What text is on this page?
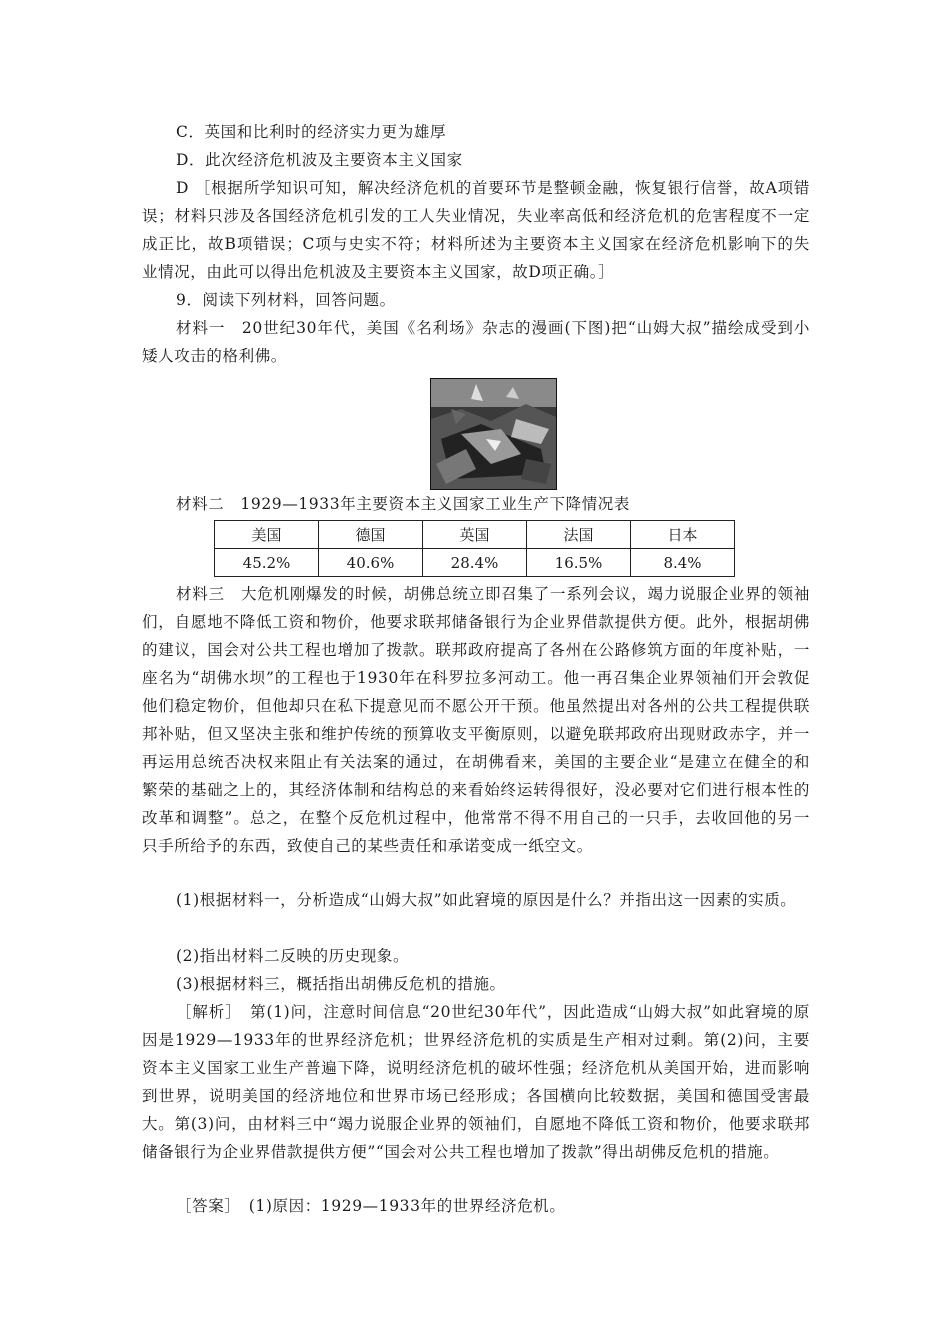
C．英国和比利时的经济实力更为雄厚

D．此次经济危机波及主要资本主义国家

D ［根据所学知识可知，解决经济危机的首要环节是整顿金融，恢复银行信誉，故A项错误；材料只涉及各国经济危机引发的工人失业情况，失业率高低和经济危机的危害程度不一定成正比，故B项错误；C项与史实不符；材料所述为主要资本主义国家在经济危机影响下的失业情况，由此可以得出危机波及主要资本主义国家，故D项正确。］

9．阅读下列材料，回答问题。

材料一　20世纪30年代，美国《名利场》杂志的漫画(下图)把“山姆大叔”描绘成受到小矮人攻击的格利佛。

材料二　1929—1933年主要资本主义国家工业生产下降情况表

美国	德国	英国	法国	日本
45.2%	40.6%	28.4%	16.5%	8.4%

材料三　大危机刚爆发的时候，胡佛总统立即召集了一系列会议，竭力说服企业界的领袖们，自愿地不降低工资和物价，他要求联邦储备银行为企业界借款提供方便。此外，根据胡佛的建议，国会对公共工程也增加了拨款。联邦政府提高了各州在公路修筑方面的年度补贴，一座名为“胡佛水坝”的工程也于1930年在科罗拉多河动工。他一再召集企业界领袖们开会敦促他们稳定物价，但他却只在私下提意见而不愿公开干预。他虽然提出对各州的公共工程提供联邦补贴，但又坚决主张和维护传统的预算收支平衡原则，以避免联邦政府出现财政赤字，并一再运用总统否决权来阻止有关法案的通过，在胡佛看来，美国的主要企业“是建立在健全的和繁荣的基础之上的，其经济体制和结构总的来看始终运转得很好，没必要对它们进行根本性的改革和调整”。总之，在整个反危机过程中，他常常不得不用自己的一只手，去收回他的另一只手所给予的东西，致使自己的某些责任和承诺变成一纸空文。

(1)根据材料一，分析造成“山姆大叔”如此窘境的原因是什么？并指出这一因素的实质。

(2)指出材料二反映的历史现象。

(3)根据材料三，概括指出胡佛反危机的措施。

［解析］　第(1)问，注意时间信息“20世纪30年代”，因此造成“山姆大叔”如此窘境的原因是1929—1933年的世界经济危机；世界经济危机的实质是生产相对过剩。第(2)问，主要资本主义国家工业生产普遍下降，说明经济危机的破坏性强；经济危机从美国开始，进而影响到世界，说明美国的经济地位和世界市场已经形成；各国横向比较数据，美国和德国受害最大。第(3)问，由材料三中“竭力说服企业界的领袖们，自愿地不降低工资和物价，他要求联邦储备银行为企业界借款提供方便”“国会对公共工程也增加了拨款”得出胡佛反危机的措施。

［答案］　(1)原因：1929—1933年的世界经济危机。
